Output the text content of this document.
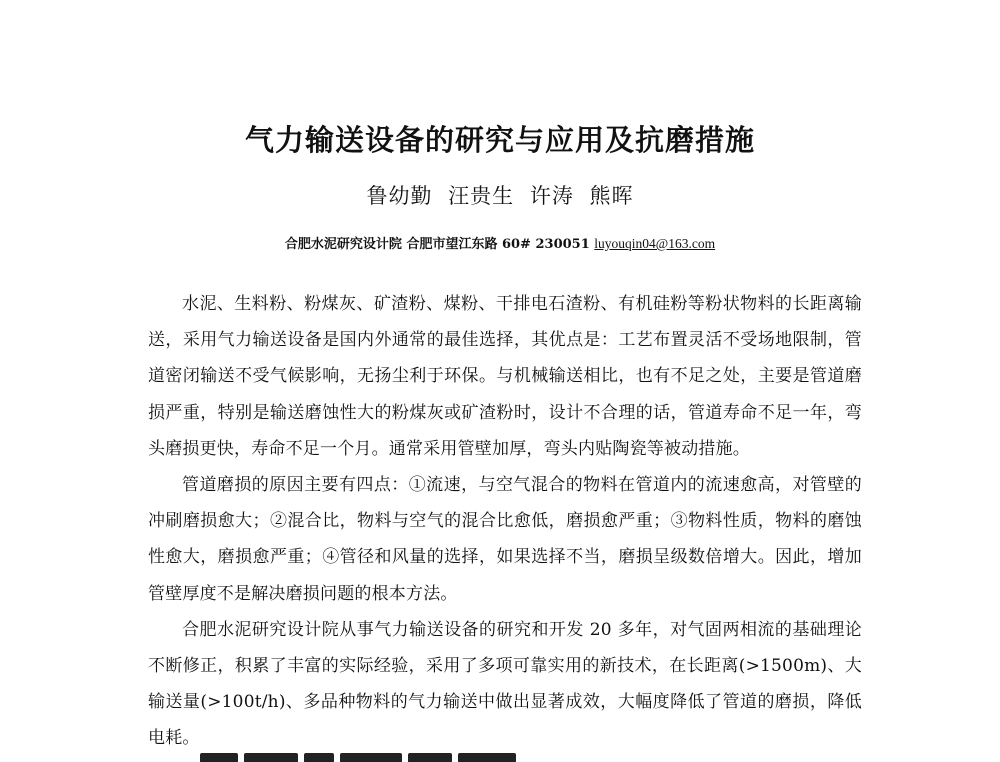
气力输送设备的研究与应用及抗磨措施
鲁幼勤 汪贵生 许涛 熊晖
合肥水泥研究设计院 合肥市望江东路 60# 230051 luyouqin04@163.com

水泥、生料粉、粉煤灰、矿渣粉、煤粉、干排电石渣粉、有机硅粉等粉状物料的长距离输送，采用气力输送设备是国内外通常的最佳选择，其优点是：工艺布置灵活不受场地限制，管道密闭输送不受气候影响，无扬尘利于环保。与机械输送相比，也有不足之处，主要是管道磨损严重，特别是输送磨蚀性大的粉煤灰或矿渣粉时，设计不合理的话，管道寿命不足一年，弯头磨损更快，寿命不足一个月。通常采用管壁加厚，弯头内贴陶瓷等被动措施。

管道磨损的原因主要有四点：①流速，与空气混合的物料在管道内的流速愈高，对管壁的冲刷磨损愈大；②混合比，物料与空气的混合比愈低，磨损愈严重；③物料性质，物料的磨蚀性愈大，磨损愈严重；④管径和风量的选择，如果选择不当，磨损呈级数倍增大。因此，增加管壁厚度不是解决磨损问题的根本方法。

合肥水泥研究设计院从事气力输送设备的研究和开发 20 多年，对气固两相流的基础理论不断修正，积累了丰富的实际经验，采用了多项可靠实用的新技术，在长距离(>1500m)、大输送量(>100t/h)、多品种物料的气力输送中做出显著成效，大幅度降低了管道的磨损，降低电耗。
